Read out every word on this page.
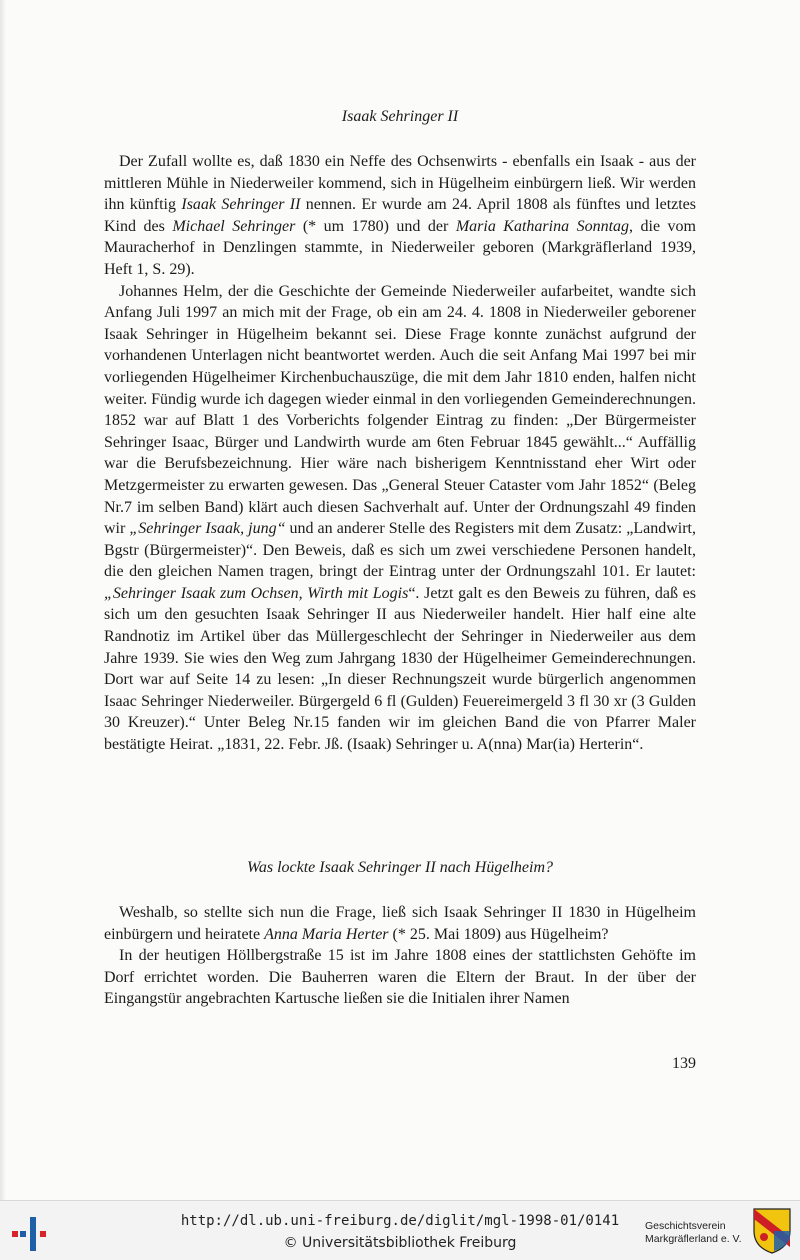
Isaak Sehringer II

Der Zufall wollte es, daß 1830 ein Neffe des Ochsenwirts - ebenfalls ein Isaak - aus der mittleren Mühle in Niederweiler kommend, sich in Hügelheim einbürgern ließ. Wir werden ihn künftig Isaak Sehringer II nennen. Er wurde am 24. April 1808 als fünftes und letztes Kind des Michael Sehringer (* um 1780) und der Maria Katharina Sonntag, die vom Mauracherhof in Denzlingen stammte, in Niederweiler geboren (Markgräflerland 1939, Heft 1, S. 29).

Johannes Helm, der die Geschichte der Gemeinde Niederweiler aufarbeitet, wandte sich Anfang Juli 1997 an mich mit der Frage, ob ein am 24. 4. 1808 in Niederweiler geborener Isaak Sehringer in Hügelheim bekannt sei. Diese Frage konnte zunächst aufgrund der vorhandenen Unterlagen nicht beantwortet werden. Auch die seit Anfang Mai 1997 bei mir vorliegenden Hügelheimer Kirchenbuchauszüge, die mit dem Jahr 1810 enden, halfen nicht weiter. Fündig wurde ich dagegen wieder einmal in den vorliegenden Gemeinderechnungen. 1852 war auf Blatt 1 des Vorberichts folgender Eintrag zu finden: „Der Bürgermeister Sehringer Isaac, Bürger und Landwirth wurde am 6ten Februar 1845 gewählt...“ Auffällig war die Berufsbezeichnung. Hier wäre nach bisherigem Kenntnisstand eher Wirt oder Metzgermeister zu erwarten gewesen. Das „General Steuer Cataster vom Jahr 1852“ (Beleg Nr.7 im selben Band) klärt auch diesen Sachverhalt auf. Unter der Ordnungszahl 49 finden wir „Sehringer Isaak, jung“ und an anderer Stelle des Registers mit dem Zusatz: „Landwirt, Bgstr (Bürgermeister)“. Den Beweis, daß es sich um zwei verschiedene Personen handelt, die den gleichen Namen tragen, bringt der Eintrag unter der Ordnungszahl 101. Er lautet: „Sehringer Isaak zum Ochsen, Wirth mit Logis“. Jetzt galt es den Beweis zu führen, daß es sich um den gesuchten Isaak Sehringer II aus Niederweiler handelt. Hier half eine alte Randnotiz im Artikel über das Müllergeschlecht der Sehringer in Niederweiler aus dem Jahre 1939. Sie wies den Weg zum Jahrgang 1830 der Hügelheimer Gemeinderechnungen. Dort war auf Seite 14 zu lesen: „In dieser Rechnungszeit wurde bürgerlich angenommen Isaac Sehringer Niederweiler. Bürgergeld 6 fl (Gulden) Feuereimergeld 3 fl 30 xr (3 Gulden 30 Kreuzer).“ Unter Beleg Nr.15 fanden wir im gleichen Band die von Pfarrer Maler bestätigte Heirat. „1831, 22. Febr. Jß. (Isaak) Sehringer u. A(nna) Mar(ia) Herterin“.

Was lockte Isaak Sehringer II nach Hügelheim?

Weshalb, so stellte sich nun die Frage, ließ sich Isaak Sehringer II 1830 in Hügelheim einbürgern und heiratete Anna Maria Herter (* 25. Mai 1809) aus Hügelheim?

In der heutigen Höllbergstraße 15 ist im Jahre 1808 eines der stattlichsten Gehöfte im Dorf errichtet worden. Die Bauherren waren die Eltern der Braut. In der über der Eingangstür angebrachten Kartusche ließen sie die Initialen ihrer Namen

139
http://dl.ub.uni-freiburg.de/diglit/mgl-1998-01/0141
© Universitätsbibliothek Freiburg
Geschichtsverein
Markgräflerland e. V.
